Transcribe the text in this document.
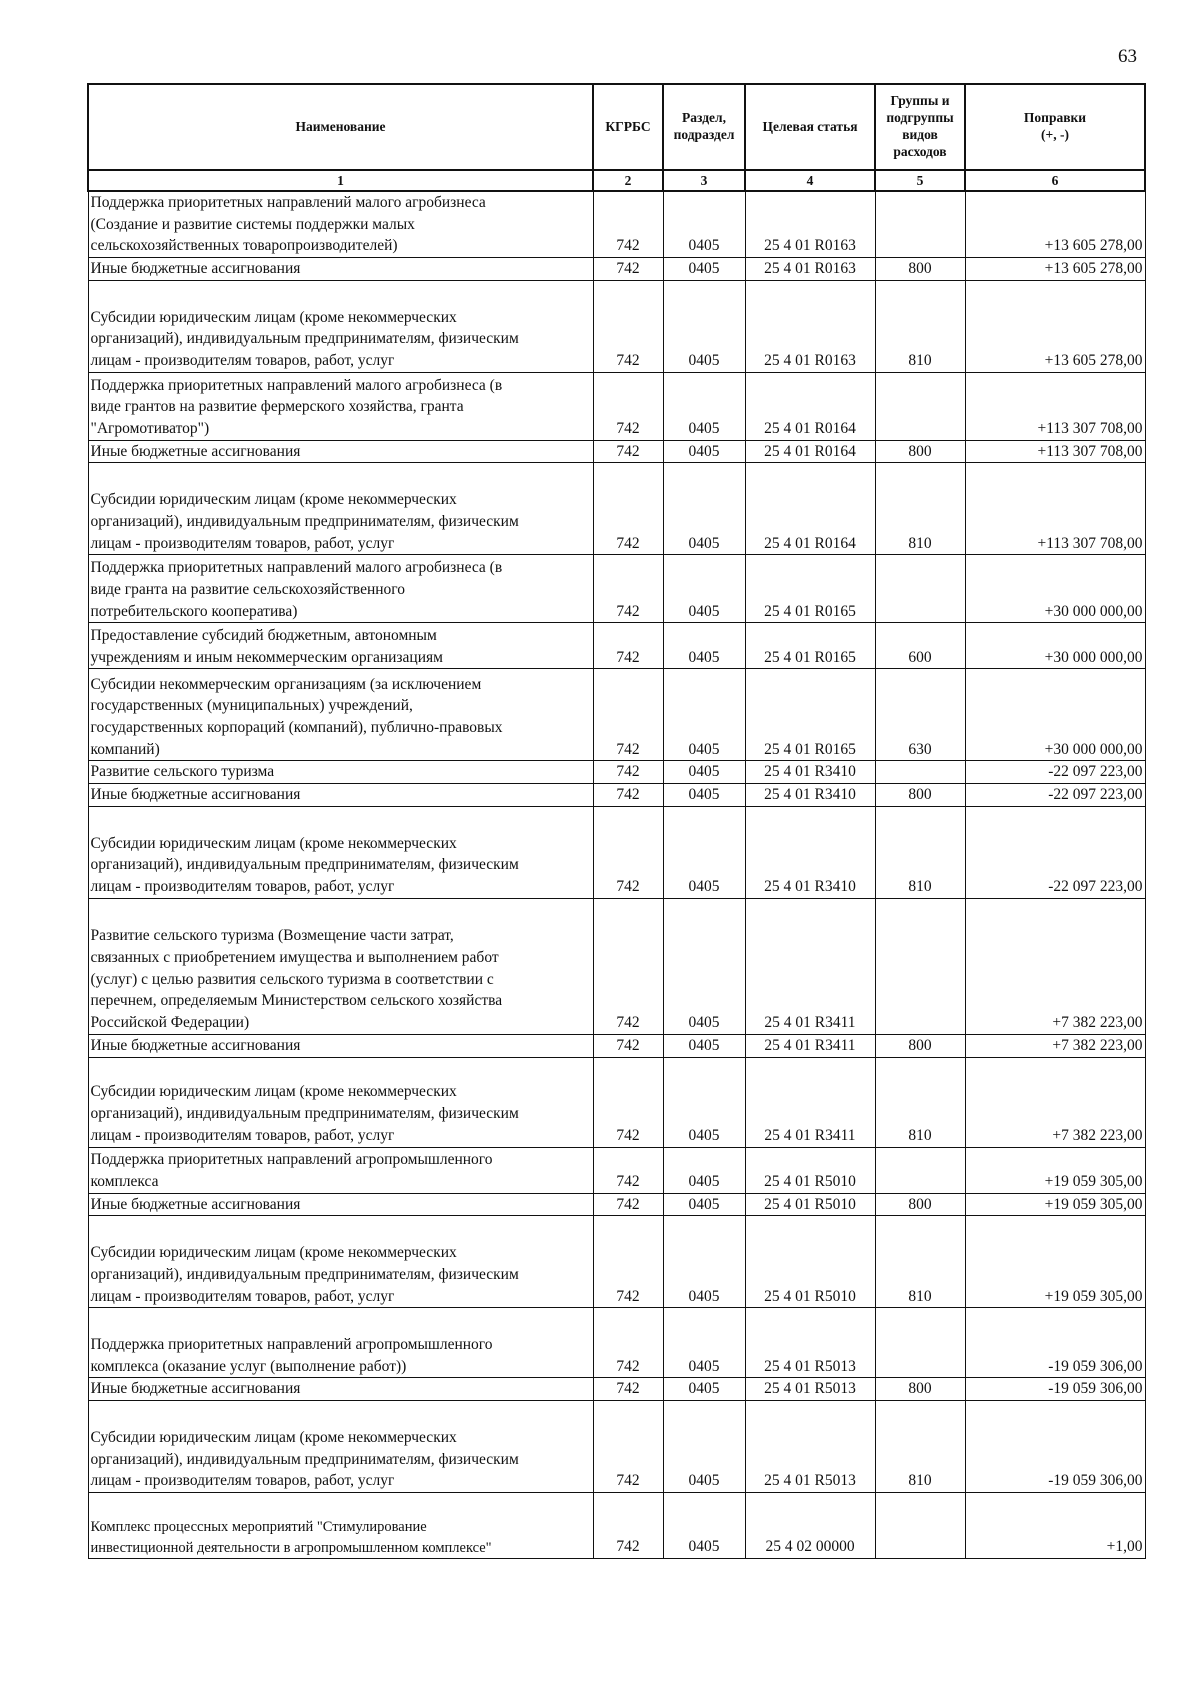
63
Наименование	КГРБС	Раздел, подраздел	Целевая статья	Группы и подгруппы видов расходов	Поправки
(+, -)
1	2	3	4	5	6
Поддержка приоритетных направлений малого агробизнеса
(Создание и развитие системы поддержки малых
сельскохозяйственных товаропроизводителей)	742	0405	25 4 01 R0163		+13 605 278,00
Иные бюджетные ассигнования	742	0405	25 4 01 R0163	800	+13 605 278,00
Субсидии юридическим лицам (кроме некоммерческих
организаций), индивидуальным предпринимателям, физическим
лицам - производителям товаров, работ, услуг	742	0405	25 4 01 R0163	810	+13 605 278,00
Поддержка приоритетных направлений малого агробизнеса (в
виде грантов на развитие фермерского хозяйства, гранта
"Агромотиватор")	742	0405	25 4 01 R0164		+113 307 708,00
Иные бюджетные ассигнования	742	0405	25 4 01 R0164	800	+113 307 708,00
Субсидии юридическим лицам (кроме некоммерческих
организаций), индивидуальным предпринимателям, физическим
лицам - производителям товаров, работ, услуг	742	0405	25 4 01 R0164	810	+113 307 708,00
Поддержка приоритетных направлений малого агробизнеса (в
виде гранта на развитие сельскохозяйственного
потребительского кооператива)	742	0405	25 4 01 R0165		+30 000 000,00
Предоставление субсидий бюджетным, автономным
учреждениям и иным некоммерческим организациям	742	0405	25 4 01 R0165	600	+30 000 000,00
Субсидии некоммерческим организациям (за исключением
государственных (муниципальных) учреждений,
государственных корпораций (компаний), публично-правовых
компаний)	742	0405	25 4 01 R0165	630	+30 000 000,00
Развитие сельского туризма	742	0405	25 4 01 R3410		-22 097 223,00
Иные бюджетные ассигнования	742	0405	25 4 01 R3410	800	-22 097 223,00
Субсидии юридическим лицам (кроме некоммерческих
организаций), индивидуальным предпринимателям, физическим
лицам - производителям товаров, работ, услуг	742	0405	25 4 01 R3410	810	-22 097 223,00
Развитие сельского туризма (Возмещение части затрат,
связанных с приобретением имущества и выполнением работ
(услуг) с целью развития сельского туризма в соответствии с
перечнем, определяемым Министерством сельского хозяйства
Российской Федерации)	742	0405	25 4 01 R3411		+7 382 223,00
Иные бюджетные ассигнования	742	0405	25 4 01 R3411	800	+7 382 223,00
Субсидии юридическим лицам (кроме некоммерческих
организаций), индивидуальным предпринимателям, физическим
лицам - производителям товаров, работ, услуг	742	0405	25 4 01 R3411	810	+7 382 223,00
Поддержка приоритетных направлений агропромышленного
комплекса	742	0405	25 4 01 R5010		+19 059 305,00
Иные бюджетные ассигнования	742	0405	25 4 01 R5010	800	+19 059 305,00
Субсидии юридическим лицам (кроме некоммерческих
организаций), индивидуальным предпринимателям, физическим
лицам - производителям товаров, работ, услуг	742	0405	25 4 01 R5010	810	+19 059 305,00
Поддержка приоритетных направлений агропромышленного
комплекса (оказание услуг (выполнение работ))	742	0405	25 4 01 R5013		-19 059 306,00
Иные бюджетные ассигнования	742	0405	25 4 01 R5013	800	-19 059 306,00
Субсидии юридическим лицам (кроме некоммерческих
организаций), индивидуальным предпринимателям, физическим
лицам - производителям товаров, работ, услуг	742	0405	25 4 01 R5013	810	-19 059 306,00
Комплекс процессных мероприятий "Стимулирование
инвестиционной деятельности в агропромышленном комплексе"	742	0405	25 4 02 00000		+1,00
